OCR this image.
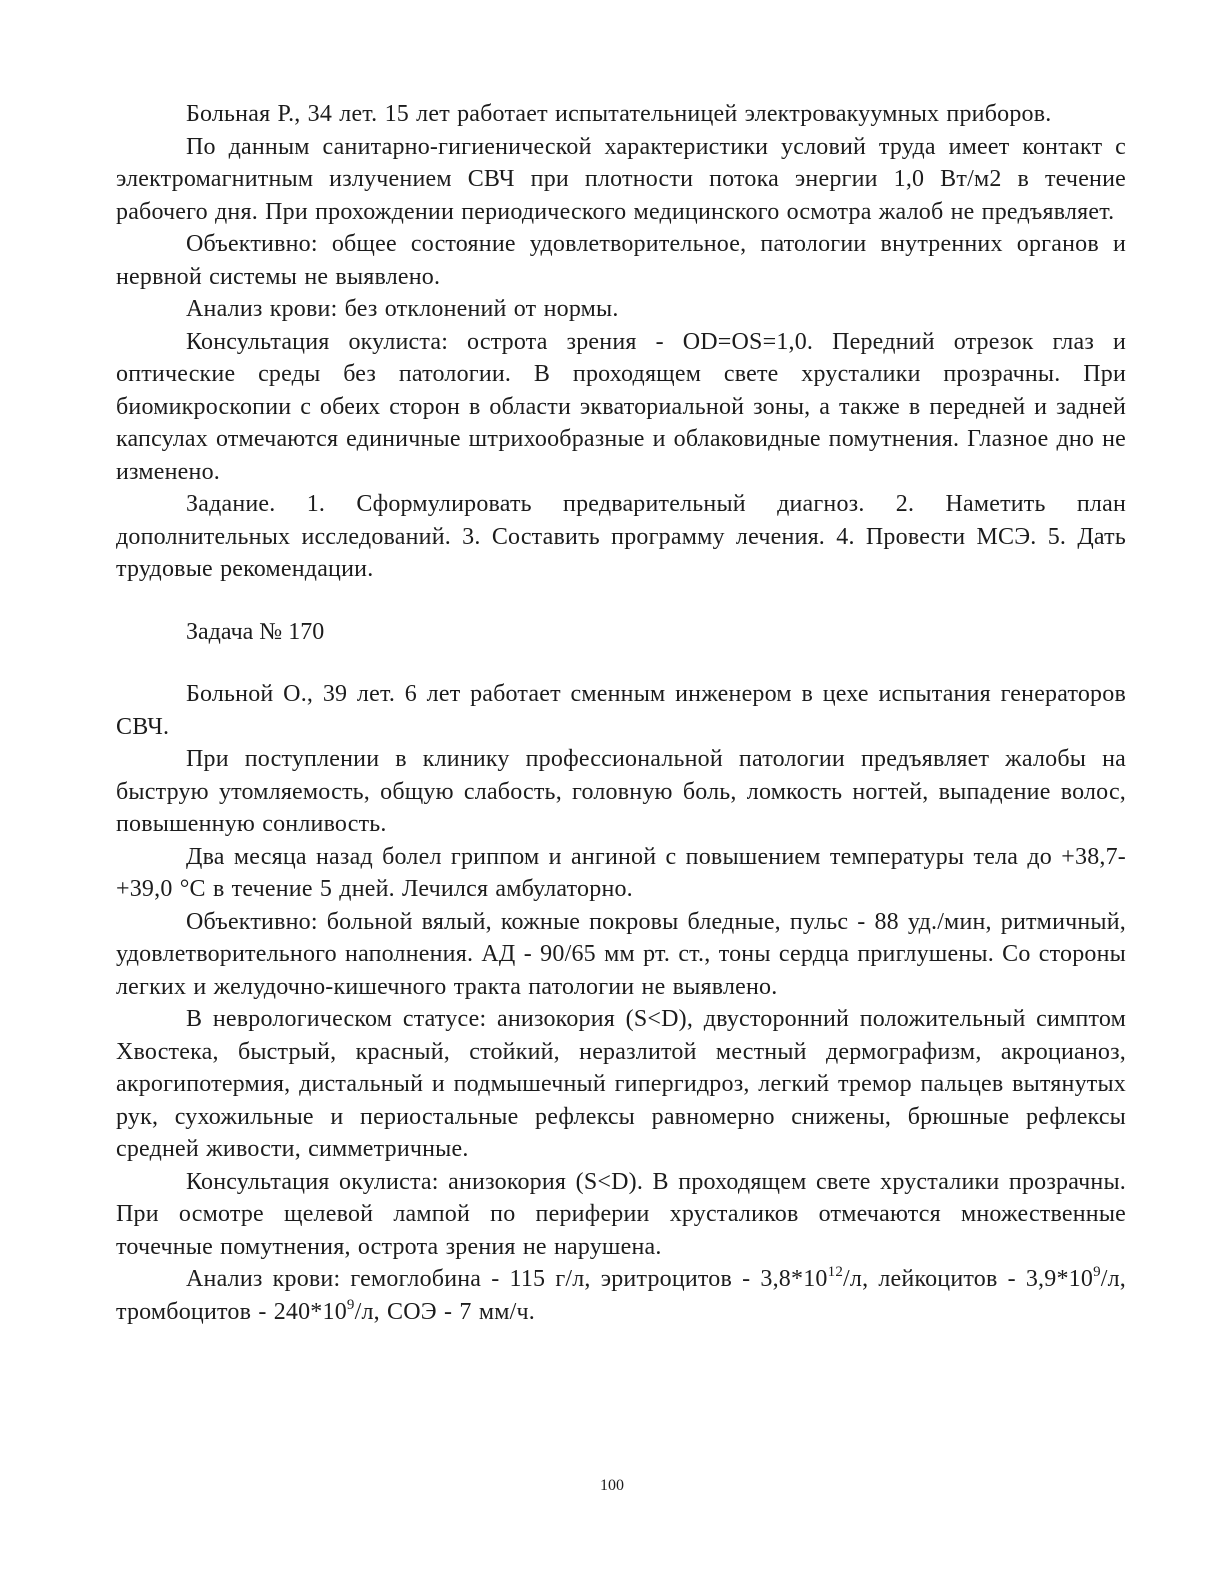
Больная Р., 34 лет. 15 лет работает испытательницей электровакуумных приборов.

По данным санитарно-гигиенической характеристики условий труда имеет контакт с электромагнитным излучением СВЧ при плотности потока энергии 1,0 Вт/м2 в течение рабочего дня. При прохождении периодического медицинского осмотра жалоб не предъявляет.

Объективно: общее состояние удовлетворительное, патологии внутренних органов и нервной системы не выявлено.

Анализ крови: без отклонений от нормы.

Консультация окулиста: острота зрения - OD=OS=1,0. Передний отрезок глаз и оптические среды без патологии. В проходящем свете хрусталики прозрачны. При биомикроскопии с обеих сторон в области экваториальной зоны, а также в передней и задней капсулах отмечаются единичные штрихообразные и облаковидные помутнения. Глазное дно не изменено.

Задание. 1. Сформулировать предварительный диагноз. 2. Наметить план дополнительных исследований. 3. Составить программу лечения. 4. Провести МСЭ. 5. Дать трудовые рекомендации.

Задача № 170

Больной О., 39 лет. 6 лет работает сменным инженером в цехе испытания генераторов СВЧ.

При поступлении в клинику профессиональной патологии предъявляет жалобы на быструю утомляемость, общую слабость, головную боль, ломкость ногтей, выпадение волос, повышенную сонливость.

Два месяца назад болел гриппом и ангиной с повышением температуры тела до +38,7-+39,0 °С в течение 5 дней. Лечился амбулаторно.

Объективно: больной вялый, кожные покровы бледные, пульс - 88 уд./мин, ритмичный, удовлетворительного наполнения. АД - 90/65 мм рт. ст., тоны сердца приглушены. Со стороны легких и желудочно-кишечного тракта патологии не выявлено.

В неврологическом статусе: анизокория (S<D), двусторонний положительный симптом Хвостека, быстрый, красный, стойкий, неразлитой местный дермографизм, акроцианоз, акрогипотермия, дистальный и подмышечный гипергидроз, легкий тремор пальцев вытянутых рук, сухожильные и периостальные рефлексы равномерно снижены, брюшные рефлексы средней живости, симметричные.

Консультация окулиста: анизокория (S<D). В проходящем свете хрусталики прозрачны. При осмотре щелевой лампой по периферии хрусталиков отмечаются множественные точечные помутнения, острота зрения не нарушена.

Анализ крови: гемоглобина - 115 г/л, эритроцитов - $3,8*10^{12}/л$, лейкоцитов - $3,9*10^9/л$, тромбоцитов - $240*10^9/л$, СОЭ - 7 мм/ч.

100
